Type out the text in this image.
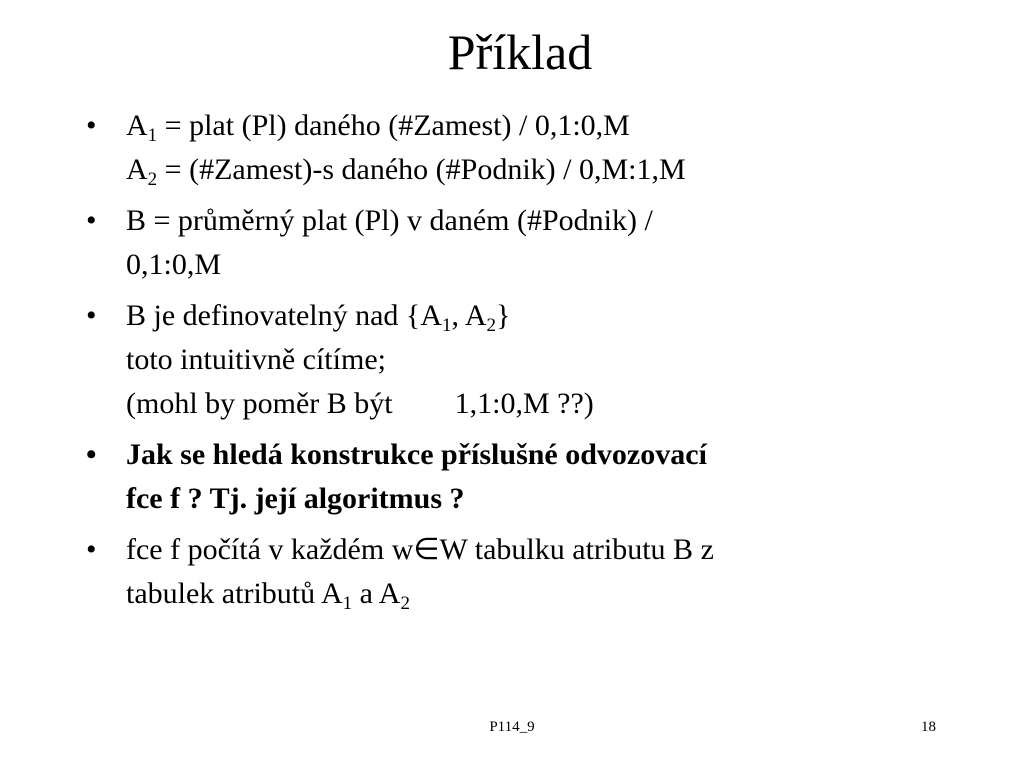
Příklad
• $A_1$ = plat (Pl) daného (#Zamest) / 0,1:0,M
$A_2$ = (#Zamest)-s daného (#Podnik) / 0,M:1,M
• B = průměrný plat (Pl) v daném (#Podnik) /
0,1:0,M
• B je definovatelný nad {$A_1$, $A_2$}
toto intuitivně cítíme;
(mohl by poměr B být 1,1:0,M ??)
• Jak se hledá konstrukce příslušné odvozovací
fce f ? Tj. její algoritmus ?
• fce f počítá v každém w∈W tabulku atributu B z
tabulek atributů $A_1$ a $A_2$
P114_9	18
